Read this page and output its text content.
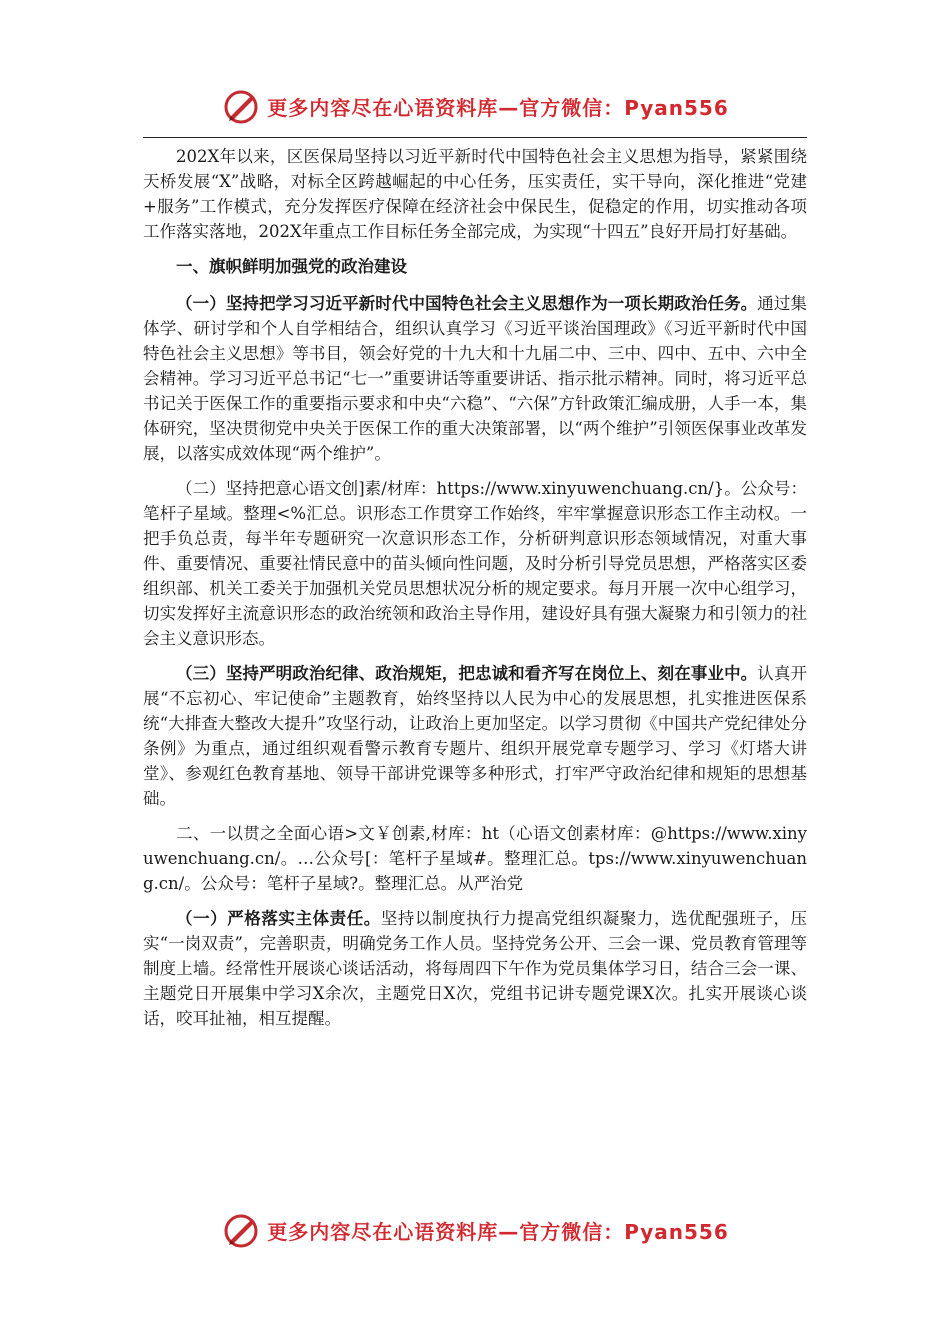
更多内容尽在心语资料库—官方微信：Pyan556

202X年以来，区医保局坚持以习近平新时代中国特色社会主义思想为指导，紧紧围绕天桥发展“X”战略，对标全区跨越崛起的中心任务，压实责任，实干导向，深化推进“党建+服务”工作模式，充分发挥医疗保障在经济社会中保民生，促稳定的作用，切实推动各项工作落实落地，202X年重点工作目标任务全部完成，为实现“十四五”良好开局打好基础。

一、旗帜鲜明加强党的政治建设

（一）坚持把学习习近平新时代中国特色社会主义思想作为一项长期政治任务。通过集体学、研讨学和个人自学相结合，组织认真学习《习近平谈治国理政》《习近平新时代中国特色社会主义思想》等书目，领会好党的十九大和十九届二中、三中、四中、五中、六中全会精神。学习习近平总书记“七一”重要讲话等重要讲话、指示批示精神。同时，将习近平总书记关于医保工作的重要指示要求和中央“六稳”、“六保”方针政策汇编成册，人手一本，集体研究，坚决贯彻党中央关于医保工作的重大决策部署，以“两个维护”引领医保事业改革发展，以落实成效体现“两个维护”。

（二）坚持把意心语文创]素/材库：https://www.xinyuwenchuang.cn/}。公众号：笔杆子星域。整理<%汇总。识形态工作贯穿工作始终，牢牢掌握意识形态工作主动权。一把手负总责，每半年专题研究一次意识形态工作，分析研判意识形态领域情况，对重大事件、重要情况、重要社情民意中的苗头倾向性问题，及时分析引导党员思想，严格落实区委组织部、机关工委关于加强机关党员思想状况分析的规定要求。每月开展一次中心组学习，切实发挥好主流意识形态的政治统领和政治主导作用，建设好具有强大凝聚力和引领力的社会主义意识形态。

（三）坚持严明政治纪律、政治规矩，把忠诚和看齐写在岗位上、刻在事业中。认真开展“不忘初心、牢记使命”主题教育，始终坚持以人民为中心的发展思想，扎实推进医保系统“大排查大整改大提升”攻坚行动，让政治上更加坚定。以学习贯彻《中国共产党纪律处分条例》为重点，通过组织观看警示教育专题片、组织开展党章专题学习、学习《灯塔大讲堂》、参观红色教育基地、领导干部讲党课等多种形式，打牢严守政治纪律和规矩的思想基础。

二、一以贯之全面心语>文￥创素,材库：ht（心语文创素材库：@https://www.xinyuwenchuang.cn/。…公众号[：笔杆子星域#。整理汇总。tps://www.xinyuwenchuang.cn/。公众号：笔杆子星域?。整理汇总。从严治党

（一）严格落实主体责任。坚持以制度执行力提高党组织凝聚力，选优配强班子，压实“一岗双责”，完善职责，明确党务工作人员。坚持党务公开、三会一课、党员教育管理等制度上墙。经常性开展谈心谈话活动，将每周四下午作为党员集体学习日，结合三会一课、主题党日开展集中学习X余次，主题党日X次，党组书记讲专题党课X次。扎实开展谈心谈话，咬耳扯袖，相互提醒。

更多内容尽在心语资料库—官方微信：Pyan556
